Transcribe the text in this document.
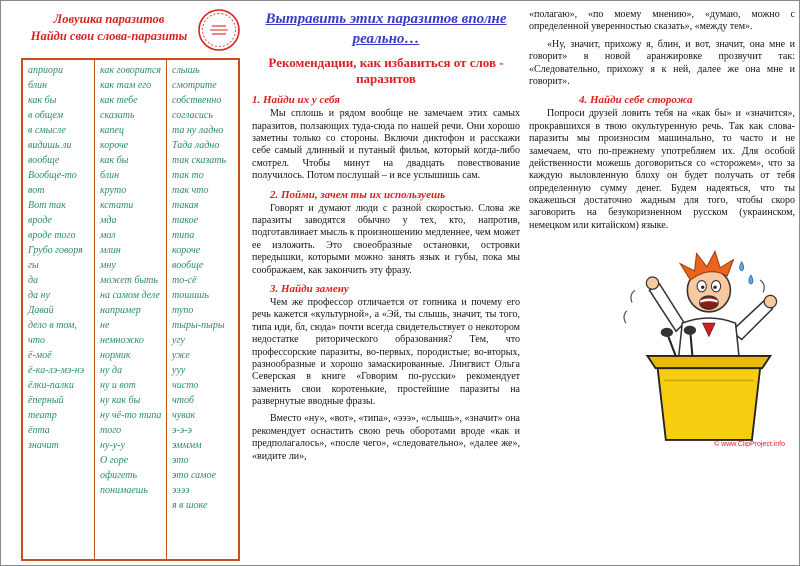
Ловушка паразитов
Найди свои слова-паразиты
априори
блин
как бы
в общем
в смысле
видишь ли
вообще
Вообще-то
вот
Вот так
вроде
вроде того
Грубо говоря
гы
да
да ну
Давай
дело в том, что
ё-моё
ё-ка-лэ-мэ-нэ
ёлки-палки
ёперный театр
ёпта
значит
как говорится
как там его
как тебе сказать
капец
короче
как бы
блин
круто
кстати
мда
мол
млин
мну
может быть
на самом деле
например
не
немножко
нормик
ну да
ну и вот
ну как бы
ну чё-то типа того
ну-у-у
О горе
офигеть
понимаешь
слышь
смотрите
собственно
согласись
та ну ладно
Тада ладно
так сказать
так то
так что
такая
такое
типа
короче
вообще
то-сё
тошишь
тупо
тыры-пыры
угу
уже
ууу
чисто
чтоб
чувак
э-э-э
эмммм
это
это самое
ээээ
я в шоке
Вытравить этих паразитов вполне реально…
Рекомендации, как избавиться от слов - паразитов
1. Найди их у себя

Мы сплошь и рядом вообще не замечаем этих самых паразитов, ползающих туда-сюда по нашей речи. Они хорошо заметны только со стороны. Включи диктофон и расскажи себе самый длинный и путаный фильм, который когда-либо смотрел. Чтобы минут на двадцать повествование получилось. Потом послушай – и все услышишь сам.

2. Пойми, зачем ты их используешь

Говорят и думают люди с разной скоростью. Слова же паразиты заводятся обычно у тех, кто, напротив, подготавливает мысль к произношению медленнее, чем может ее изложить. Это своеобразные остановки, островки передышки, которыми можно занять язык и губы, пока мы соображаем, как закончить эту фразу.

3. Найди замену

Чем же профессор отличается от гопника и почему его речь кажется «культурной», а «Эй, ты слышь, значит, ты того, типа иди, бл, сюда» почти всегда свидетельствует о некотором недостатке риторического образования? Тем, что профессорские паразиты, во-первых, породистые; во-вторых, разнообразные и хорошо замаскированные. Лингвист Ольга Северская в книге «Говорим по-русски» рекомендует заменить свои коротенькие, простейшие паразиты на развернутые вводные фразы.

Вместо «ну», «вот», «типа», «эээ», «слышь», «значит» она рекомендует оснастить свою речь оборотами вроде «как и предполагалось», «после чего», «следовательно», «далее же», «видите ли»,

«полагаю», «по моему мнению», «думаю, можно с определенной уверенностью сказать», «между тем».

«Ну, значит, прихожу я, блин, и вот, значит, она мне и говорит» в новой аранжировке прозвучит так: «Следовательно, прихожу я к ней, далее же она мне и говорит».

4. Найди себе сторожа

Попроси друзей ловить тебя на «как бы» и «значится», прокравшихся в твою окультуренную речь. Так как слова-паразиты мы произносим машинально, то часто и не замечаем, что по-прежнему употребляем их. Для особой действенности можешь договориться со «сторожем», что за каждую выловленную блоху он будет получать от тебя определенную сумму денег. Будем надеяться, что ты окажешься достаточно жадным для того, чтобы скоро заговорить на безукоризненном русском (украинском, немецком или китайском) языке.

© www.ClipProject.info
